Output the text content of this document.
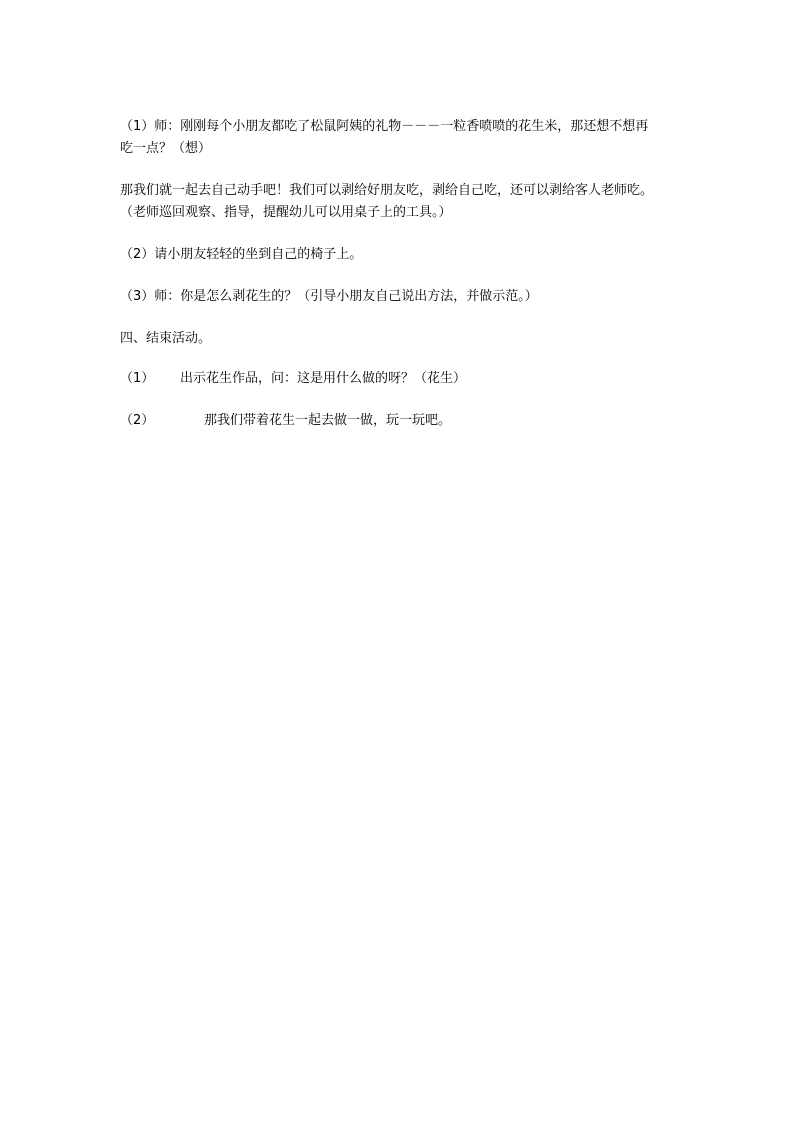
（1）师：刚刚每个小朋友都吃了松鼠阿姨的礼物－－－一粒香喷喷的花生米，那还想不想再
吃一点？（想）

那我们就一起去自己动手吧！我们可以剥给好朋友吃，剥给自己吃，还可以剥给客人老师吃。
（老师巡回观察、指导，提醒幼儿可以用桌子上的工具。）

（2）请小朋友轻轻的坐到自己的椅子上。

（3）师：你是怎么剥花生的？（引导小朋友自己说出方法，并做示范。）

四、结束活动。

（1） 出示花生作品，问：这是用什么做的呀？（花生）

（2）	那我们带着花生一起去做一做，玩一玩吧。
